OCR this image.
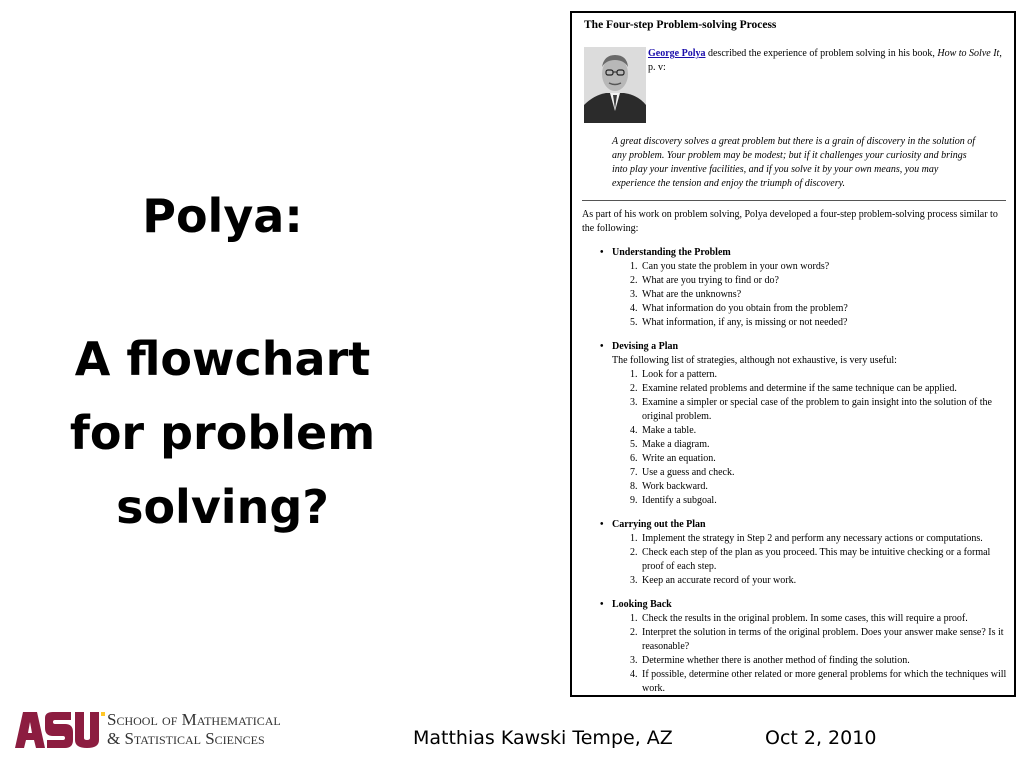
Polya:
A flowchart
for problem
solving?
The Four-step Problem-solving Process
George Polya described the experience of problem solving in his book, How to Solve It, p. v:
A great discovery solves a great problem but there is a grain of discovery in the solution of any problem. Your problem may be modest; but if it challenges your curiosity and brings into play your inventive facilities, and if you solve it by your own means, you may experience the tension and enjoy the triumph of discovery.
As part of his work on problem solving, Polya developed a four-step problem-solving process similar to the following:
• Understanding the Problem
1. Can you state the problem in your own words?
2. What are you trying to find or do?
3. What are the unknowns?
4. What information do you obtain from the problem?
5. What information, if any, is missing or not needed?
• Devising a Plan
The following list of strategies, although not exhaustive, is very useful:
1. Look for a pattern.
2. Examine related problems and determine if the same technique can be applied.
3. Examine a simpler or special case of the problem to gain insight into the solution of the original problem.
4. Make a table.
5. Make a diagram.
6. Write an equation.
7. Use a guess and check.
8. Work backward.
9. Identify a subgoal.
• Carrying out the Plan
1. Implement the strategy in Step 2 and perform any necessary actions or computations.
2. Check each step of the plan as you proceed. This may be intuitive checking or a formal proof of each step.
3. Keep an accurate record of your work.
• Looking Back
1. Check the results in the original problem. In some cases, this will require a proof.
2. Interpret the solution in terms of the original problem. Does your answer make sense? Is it reasonable?
3. Determine whether there is another method of finding the solution.
4. If possible, determine other related or more general problems for which the techniques will work.
School of Mathematical
& Statistical Sciences	Matthias Kawski Tempe, AZ	Oct 2, 2010
